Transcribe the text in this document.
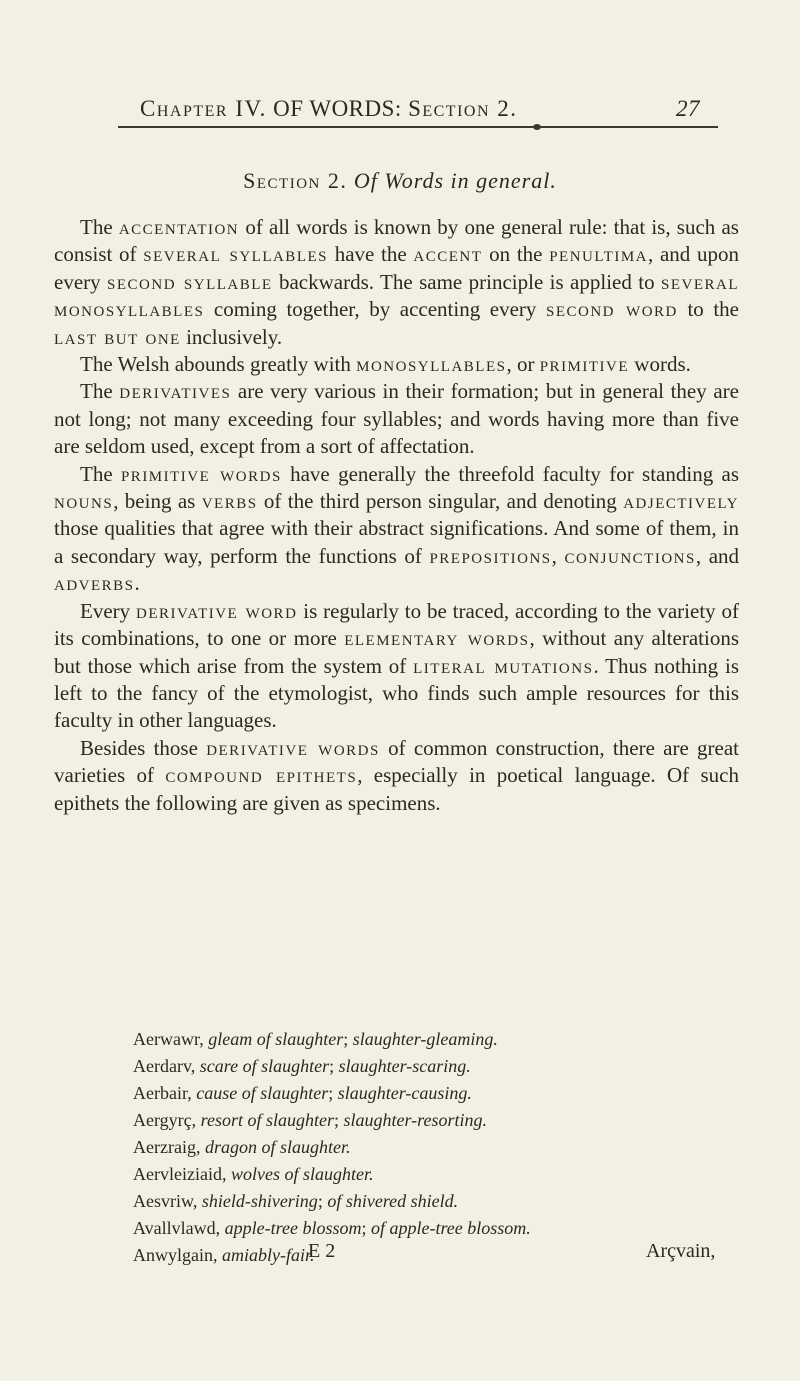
Chapter IV. OF WORDS: Section 2.	27
Section 2. Of Words in general.

The accentation of all words is known by one general rule: that is, such as consist of several syllables have the accent on the penultima, and upon every second syllable backwards. The same principle is applied to several monosyllables coming together, by accenting every second word to the last but one inclusively.

The Welsh abounds greatly with monosyllables, or primitive words.

The derivatives are very various in their formation; but in general they are not long; not many exceeding four syllables; and words having more than five are seldom used, except from a sort of affectation.

The primitive words have generally the threefold faculty for standing as nouns, being as verbs of the third person singular, and denoting adjectively those qualities that agree with their abstract significations. And some of them, in a secondary way, perform the functions of prepositions, conjunctions, and adverbs.

Every derivative word is regularly to be traced, according to the variety of its combinations, to one or more elementary words, without any alterations but those which arise from the system of literal mutations. Thus nothing is left to the fancy of the etymologist, who finds such ample resources for this faculty in other languages.

Besides those derivative words of common construction, there are great varieties of compound epithets, especially in poetical language. Of such epithets the following are given as specimens.

Aerwawr, gleam of slaughter; slaughter-gleaming.
Aerdarv, scare of slaughter; slaughter-scaring.
Aerbair, cause of slaughter; slaughter-causing.
Aergyrç, resort of slaughter; slaughter-resorting.
Aerzraig, dragon of slaughter.
Aervleiziaid, wolves of slaughter.
Aesvriw, shield-shivering; of shivered shield.
Avallvlawd, apple-tree blossom; of apple-tree blossom.
Anwylgain, amiably-fair.
E 2	Arçvain,
